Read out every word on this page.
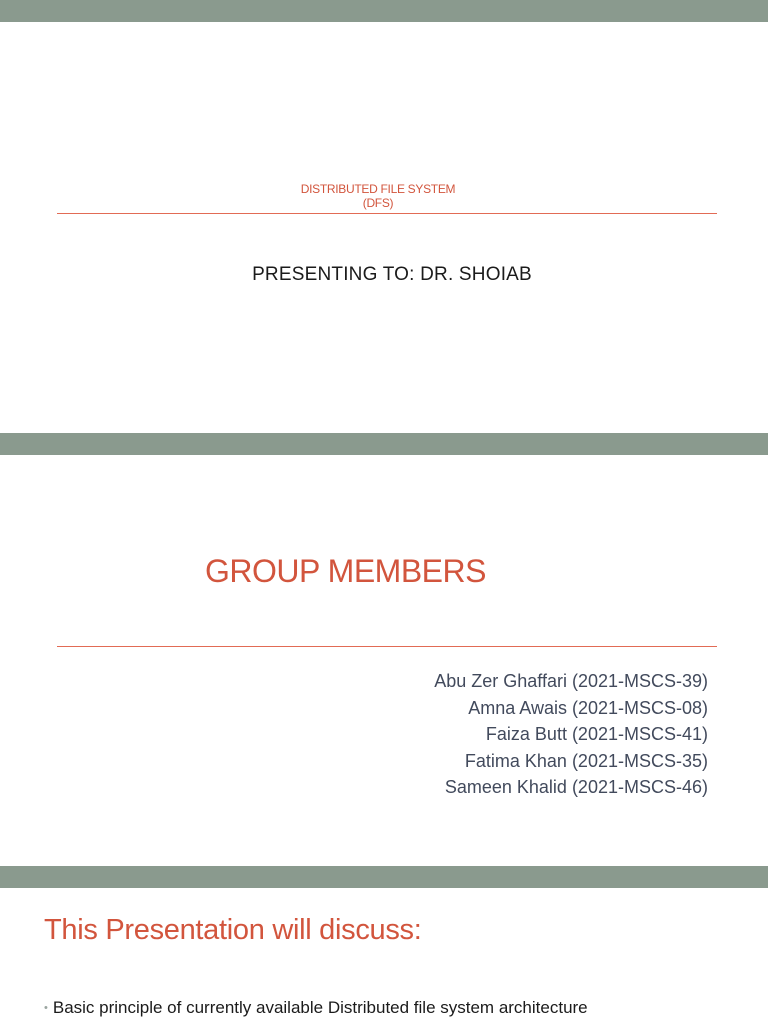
DISTRIBUTED FILE SYSTEM
(DFS)
PRESENTING TO: DR. SHOIAB
GROUP MEMBERS
Abu Zer Ghaffari (2021-MSCS-39)
Amna Awais (2021-MSCS-08)
Faiza Butt (2021-MSCS-41)
Fatima Khan (2021-MSCS-35)
Sameen Khalid (2021-MSCS-46)
This Presentation will discuss:
• Basic principle of currently available Distributed file system architecture
